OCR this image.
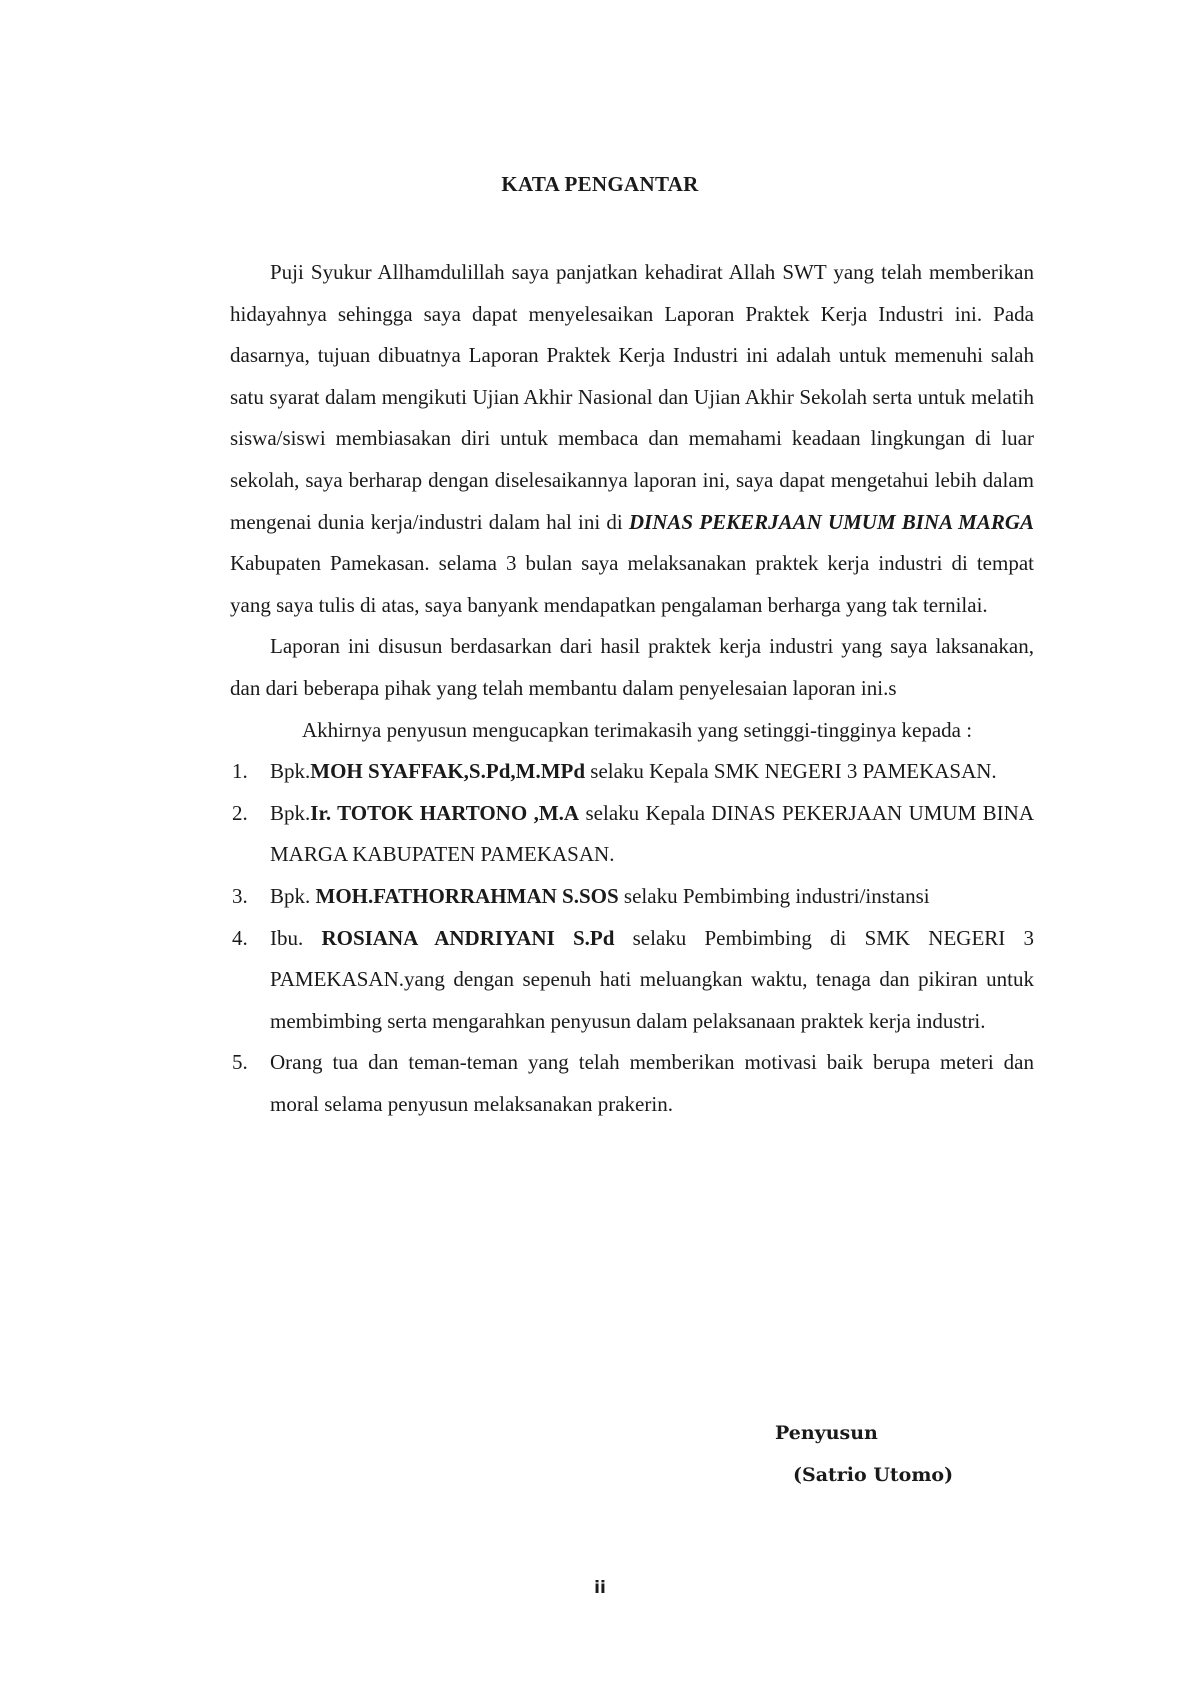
KATA PENGANTAR

Puji Syukur Allhamdulillah saya panjatkan kehadirat Allah SWT yang telah memberikan hidayahnya sehingga saya dapat menyelesaikan Laporan Praktek Kerja Industri ini. Pada dasarnya, tujuan dibuatnya Laporan Praktek Kerja Industri ini adalah untuk memenuhi salah satu syarat dalam mengikuti Ujian Akhir Nasional dan Ujian Akhir Sekolah serta untuk melatih siswa/siswi membiasakan diri untuk membaca dan memahami keadaan lingkungan di luar sekolah, saya berharap dengan diselesaikannya laporan ini, saya dapat mengetahui lebih dalam mengenai dunia kerja/industri dalam hal ini di DINAS PEKERJAAN UMUM BINA MARGA Kabupaten Pamekasan. selama 3 bulan saya melaksanakan praktek kerja industri di tempat yang saya tulis di atas, saya banyank mendapatkan pengalaman berharga yang tak ternilai.

Laporan ini disusun berdasarkan dari hasil praktek kerja industri yang saya laksanakan, dan dari beberapa pihak yang telah membantu dalam penyelesaian laporan ini.s

Akhirnya penyusun mengucapkan terimakasih yang setinggi-tingginya kepada :

1. Bpk.MOH SYAFFAK,S.Pd,M.MPd selaku Kepala SMK NEGERI 3 PAMEKASAN.
2. Bpk.Ir. TOTOK HARTONO ,M.A selaku Kepala DINAS PEKERJAAN UMUM BINA MARGA KABUPATEN PAMEKASAN.
3. Bpk. MOH.FATHORRAHMAN S.SOS selaku Pembimbing industri/instansi
4. Ibu. ROSIANA ANDRIYANI S.Pd selaku Pembimbing di SMK NEGERI 3 PAMEKASAN.yang dengan sepenuh hati meluangkan waktu, tenaga dan pikiran untuk membimbing serta mengarahkan penyusun dalam pelaksanaan praktek kerja industri.
5. Orang tua dan teman-teman yang telah memberikan motivasi baik berupa meteri dan moral selama penyusun melaksanakan prakerin.
Penyusun
(Satrio Utomo)
ii
